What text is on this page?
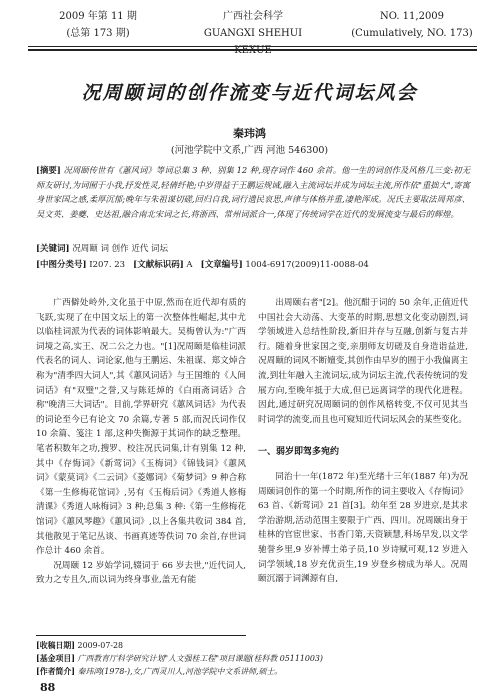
2009 年第 11 期
(总第 173 期)
广西社会科学
GUANGXI SHEHUI KEXUE
NO. 11,2009
(Cumulatively, NO. 173)
况周颐词的创作流变与近代词坛风会
秦玮鸿
(河池学院中文系,广西 河池 546300)
[摘要] 况周颐传世有《蕙风词》等词总集 3 种、别集 12 种,现存词作 460 余首。他一生的词创作及风格几三变:初无师友研讨,为词囿于小我,抒发性灵,轻倩纤艳;中岁得益于王鹏运规诫,融入主流词坛并成为词坛主流,所作依"重拙大",寄寓身世家国之感,柔厚沉郁;晚年与朱祖谋切磋,回归自我,词行遗民哀思,声律与体格并重,凄艳浑成。况氏主要取法周邦彦、吴文英、姜夔、史达祖,融合南北宋词之长,将浙西、常州词派合一,体现了传统词学在近代的发展流变与最后的辉煌。
[关键词] 况周颐 词 创作 近代 词坛
[中图分类号] I207. 23 [文献标识码] A [文章编号] 1004-6917(2009)11-0088-04

广西僻处岭外,文化虽于中原,然而在近代却有质的飞跃,实现了在中国文坛上的第一次整体性崛起,其中尤以临桂词派为代表的词体影响最大。吴梅曾认为:"广西词境之高,实王、况二公之力也。"[1]况周颐是临桂词派代表名的词人、词论家,他与王鹏运、朱祖谋、郑文焯合称为"清季四大词人",其《蕙风词话》与王国维的《人间词话》有"双璧"之誉,又与陈廷焯的《白雨斋词话》合称"晚清三大词话"。目前,学界研究《蕙风词话》为代表的词论至今已有论文 70 余篇,专著 5 部,而況氏词作仅 10 余篇、笺注 1 部,这种失衡源于其词作的缺乏整理。笔者积数年之功,搜罗、校注况氏词集,计有别集 12 种,其中《存悔词》《新莺词》《玉梅词》《锦钱词》《蕙风词》《蒙莫词》《二云词》《菱娜词》《菊梦词》9 种合称《第一生修梅花馆词》,另有《玉梅后词》《秀道人修梅清课》《秀道人咏梅词》3 种;总集 3 种:《第一生修梅花馆词》《蕙风琴趣》《蕙风词》,以上各集共收词 384 首,其他散见于笔记丛谈、书画真迹等佚词 70 余首,存世词作总计 460 余首。

况周颐 12 岁始学词,辍词于 66 岁去世,"近代词人,致力之专且久,而以词为终身事业,盖无有能

出周颐右者"[2]。他沉酣于词的 50 余年,正值近代中国社会大动荡、大变革的时期,思想文化变动剧烈,词学领域进入总结性阶段,新旧并存与互融,创新与复古并行。随着身世家国之变,亲朋师友切磋及自身造诣益进,况周颐的词风不断嬗变,其创作由早岁的囿于小我偏离主流,到壮年融入主流词坛,成为词坛主流,代表传统词的发展方向,至晚年抵于大成,但已远离词学的现代化进程。因此,通过研究况周颐词的创作风格转变,不仅可见其当时词学的流变,而且也可窥知近代词坛风会的某些变化。

一、弱岁即驾多宛约

同治十一年(1872 年)至光绪十三年(1887 年)为况周颐词创作的第一个时期,所作的词主要收入《存悔词》63 首、《新莺词》21 首[3]。幼年至 28 岁进京,是其求学治游期,活动范围主要限于广西、四川。况周颐出身于桂林的官宦世家、书香门第,天资颖慧,科场早发,以文学驰誉乡里,9 岁补博士弟子员,10 岁诗赋可观,12 岁进入词学领域,18 岁充优贡生,19 岁登乡榜成为举人。况周颐沉溺于词渊源有自,

[收稿日期] 2009-07-28
[基金项目] 广西教育厅科学研究计划"人文强桂工程"项目课题(桂科教 05111003)
[作者简介] 秦玮鸿(1978-),女,广西灵川人,河池学院中文系讲师,硕士。
88
